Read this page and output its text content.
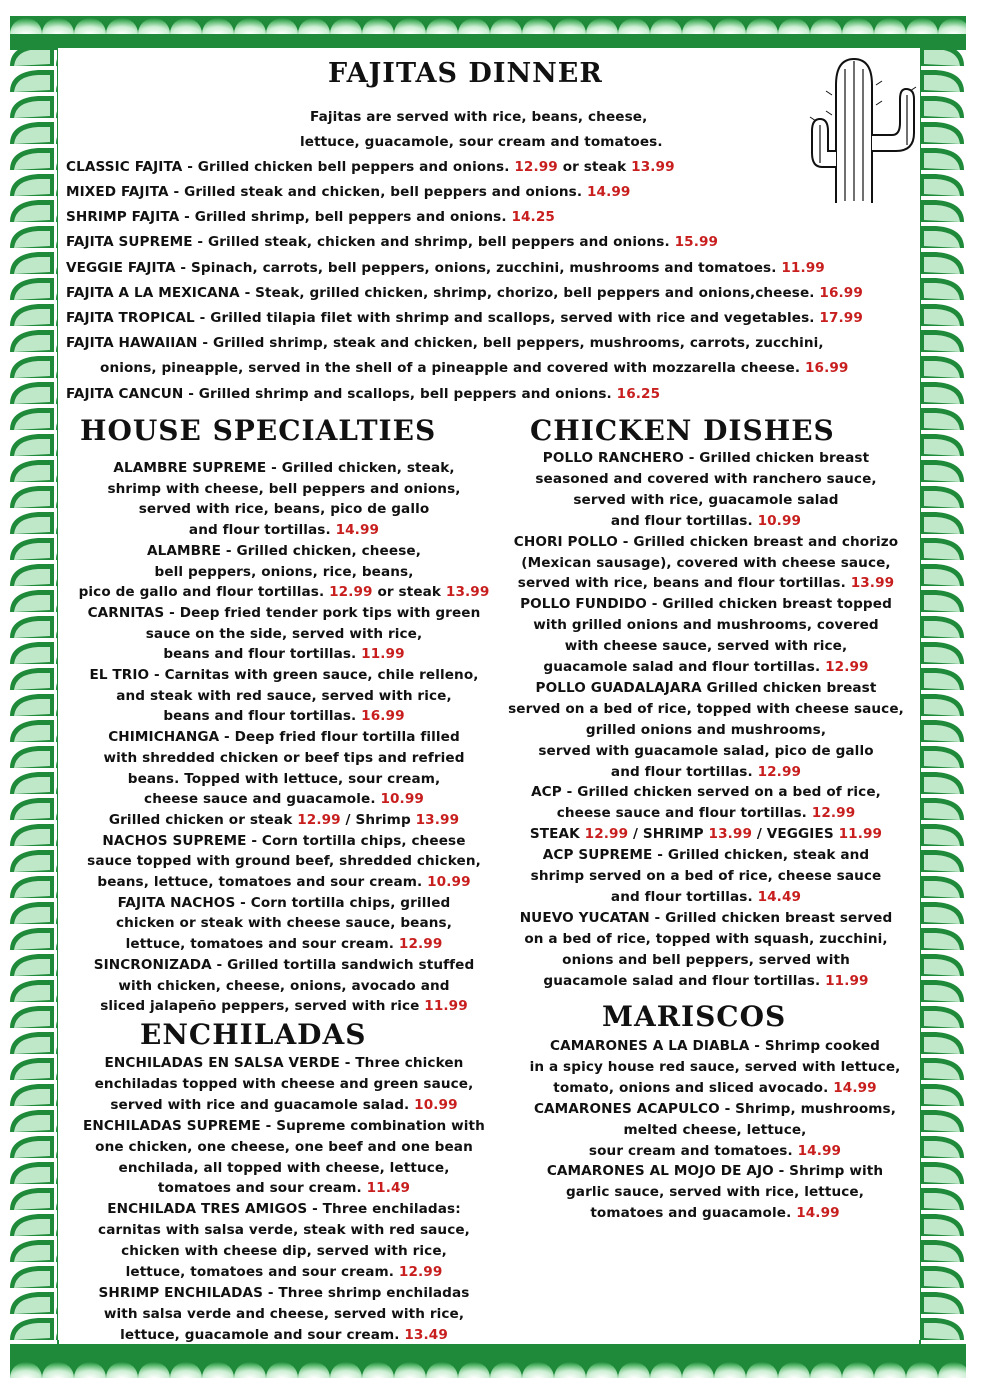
FAJITAS DINNER
Fajitas are served with rice, beans, cheese,
lettuce, guacamole, sour cream and tomatoes.
CLASSIC FAJITA - Grilled chicken bell peppers and onions. 12.99 or steak 13.99
MIXED FAJITA - Grilled steak and chicken, bell peppers and onions. 14.99
SHRIMP FAJITA - Grilled shrimp, bell peppers and onions. 14.25
FAJITA SUPREME - Grilled steak, chicken and shrimp, bell peppers and onions. 15.99
VEGGIE FAJITA - Spinach, carrots, bell peppers, onions, zucchini, mushrooms and tomatoes. 11.99
FAJITA A LA MEXICANA - Steak, grilled chicken, shrimp, chorizo, bell peppers and onions,cheese. 16.99
FAJITA TROPICAL - Grilled tilapia filet with shrimp and scallops, served with rice and vegetables. 17.99
FAJITA HAWAIIAN - Grilled shrimp, steak and chicken, bell peppers, mushrooms, carrots, zucchini,
onions, pineapple, served in the shell of a pineapple and covered with mozzarella cheese. 16.99
FAJITA CANCUN - Grilled shrimp and scallops, bell peppers and onions. 16.25
HOUSE SPECIALTIES
ALAMBRE SUPREME - Grilled chicken, steak,
shrimp with cheese, bell peppers and onions,
served with rice, beans, pico de gallo
and flour tortillas. 14.99
ALAMBRE - Grilled chicken, cheese,
bell peppers, onions, rice, beans,
pico de gallo and flour tortillas. 12.99 or steak 13.99
CARNITAS - Deep fried tender pork tips with green
sauce on the side, served with rice,
beans and flour tortillas. 11.99
EL TRIO - Carnitas with green sauce, chile relleno,
and steak with red sauce, served with rice,
beans and flour tortillas. 16.99
CHIMICHANGA - Deep fried flour tortilla filled
with shredded chicken or beef tips and refried
beans. Topped with lettuce, sour cream,
cheese sauce and guacamole. 10.99
Grilled chicken or steak 12.99 / Shrimp 13.99
NACHOS SUPREME - Corn tortilla chips, cheese
sauce topped with ground beef, shredded chicken,
beans, lettuce, tomatoes and sour cream. 10.99
FAJITA NACHOS - Corn tortilla chips, grilled
chicken or steak with cheese sauce, beans,
lettuce, tomatoes and sour cream. 12.99
SINCRONIZADA - Grilled tortilla sandwich stuffed
with chicken, cheese, onions, avocado and
sliced jalapeño peppers, served with rice 11.99
ENCHILADAS
ENCHILADAS EN SALSA VERDE - Three chicken
enchiladas topped with cheese and green sauce,
served with rice and guacamole salad. 10.99
ENCHILADAS SUPREME - Supreme combination with
one chicken, one cheese, one beef and one bean
enchilada, all topped with cheese, lettuce,
tomatoes and sour cream. 11.49
ENCHILADA TRES AMIGOS - Three enchiladas:
carnitas with salsa verde, steak with red sauce,
chicken with cheese dip, served with rice,
lettuce, tomatoes and sour cream. 12.99
SHRIMP ENCHILADAS - Three shrimp enchiladas
with salsa verde and cheese, served with rice,
lettuce, guacamole and sour cream. 13.49
CHICKEN DISHES
POLLO RANCHERO - Grilled chicken breast
seasoned and covered with ranchero sauce,
served with rice, guacamole salad
and flour tortillas. 10.99
CHORI POLLO - Grilled chicken breast and chorizo
(Mexican sausage), covered with cheese sauce,
served with rice, beans and flour tortillas. 13.99
POLLO FUNDIDO - Grilled chicken breast topped
with grilled onions and mushrooms, covered
with cheese sauce, served with rice,
guacamole salad and flour tortillas. 12.99
POLLO GUADALAJARA Grilled chicken breast
served on a bed of rice, topped with cheese sauce,
grilled onions and mushrooms,
served with guacamole salad, pico de gallo
and flour tortillas. 12.99
ACP - Grilled chicken served on a bed of rice,
cheese sauce and flour tortillas. 12.99
STEAK 12.99 / SHRIMP 13.99 / VEGGIES 11.99
ACP SUPREME - Grilled chicken, steak and
shrimp served on a bed of rice, cheese sauce
and flour tortillas. 14.49
NUEVO YUCATAN - Grilled chicken breast served
on a bed of rice, topped with squash, zucchini,
onions and bell peppers, served with
guacamole salad and flour tortillas. 11.99
MARISCOS
CAMARONES A LA DIABLA - Shrimp cooked
in a spicy house red sauce, served with lettuce,
tomato, onions and sliced avocado. 14.99
CAMARONES ACAPULCO - Shrimp, mushrooms,
melted cheese, lettuce,
sour cream and tomatoes. 14.99
CAMARONES AL MOJO DE AJO - Shrimp with
garlic sauce, served with rice, lettuce,
tomatoes and guacamole. 14.99
